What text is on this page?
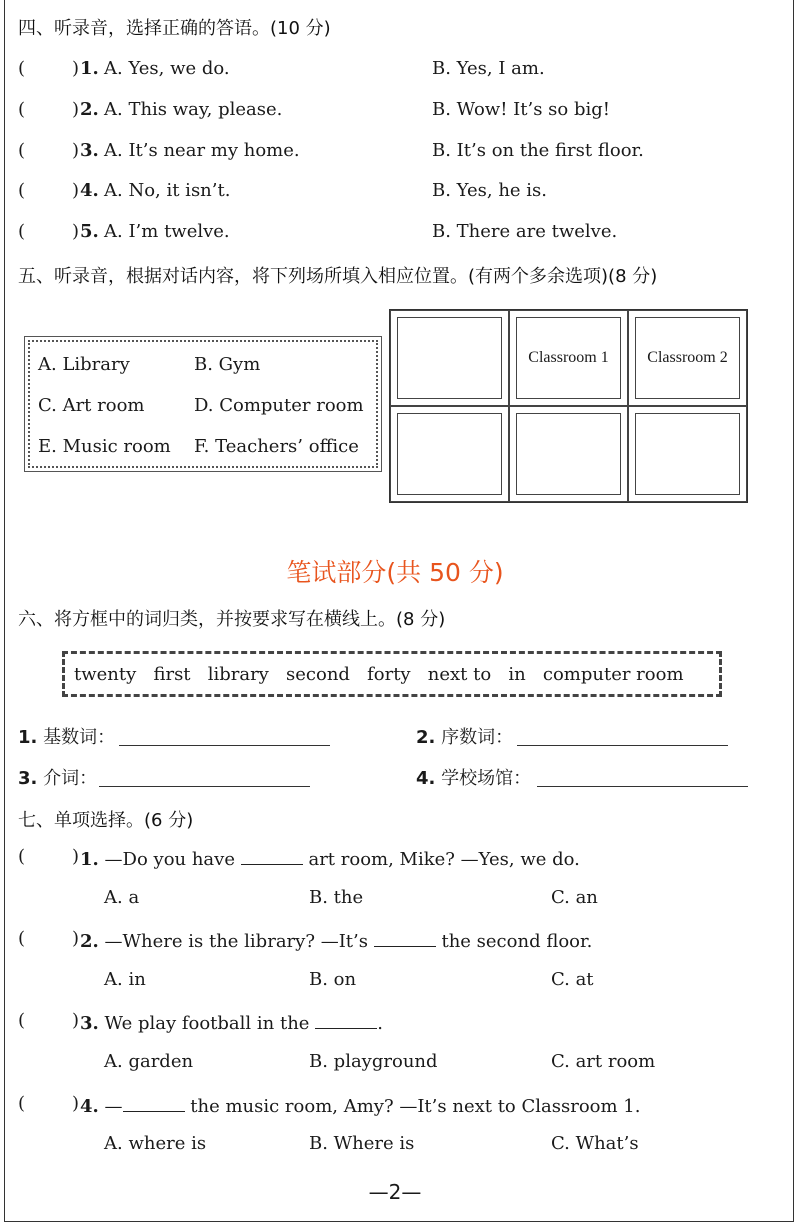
四、听录音，选择正确的答语。(10 分)
(	) 1. A. Yes, we do.	B. Yes, I am.
(	) 2. A. This way, please.	B. Wow! It’s so big!
(	) 3. A. It’s near my home.	B. It’s on the first floor.
(	) 4. A. No, it isn’t.	B. Yes, he is.
(	) 5. A. I’m twelve.	B. There are twelve.
五、听录音，根据对话内容，将下列场所填入相应位置。(有两个多余选项)(8 分)
A. Library	B. Gym
C. Art room	D. Computer room
E. Music room F. Teachers’ office
Classroom 1	Classroom 2
笔试部分(共 50 分)
六、将方框中的词归类，并按要求写在横线上。(8 分)
twenty   first   library   second   forty   next to   in   computer room
1. 基数词：	2. 序数词：
3. 介词：	4. 学校场馆：
七、单项选择。(6 分)
(	) 1. —Do you have	art room, Mike? —Yes, we do.
A. a	B. the	C. an
(	) 2. —Where is the library? —It’s	the second floor.
A. in	B. on	C. at
(	) 3. We play football in the	.
A. garden	B. playground	C. art room
(	) 4. —	the music room, Amy? —It’s next to Classroom 1.
A. where is	B. Where is	C. What’s
—2—
